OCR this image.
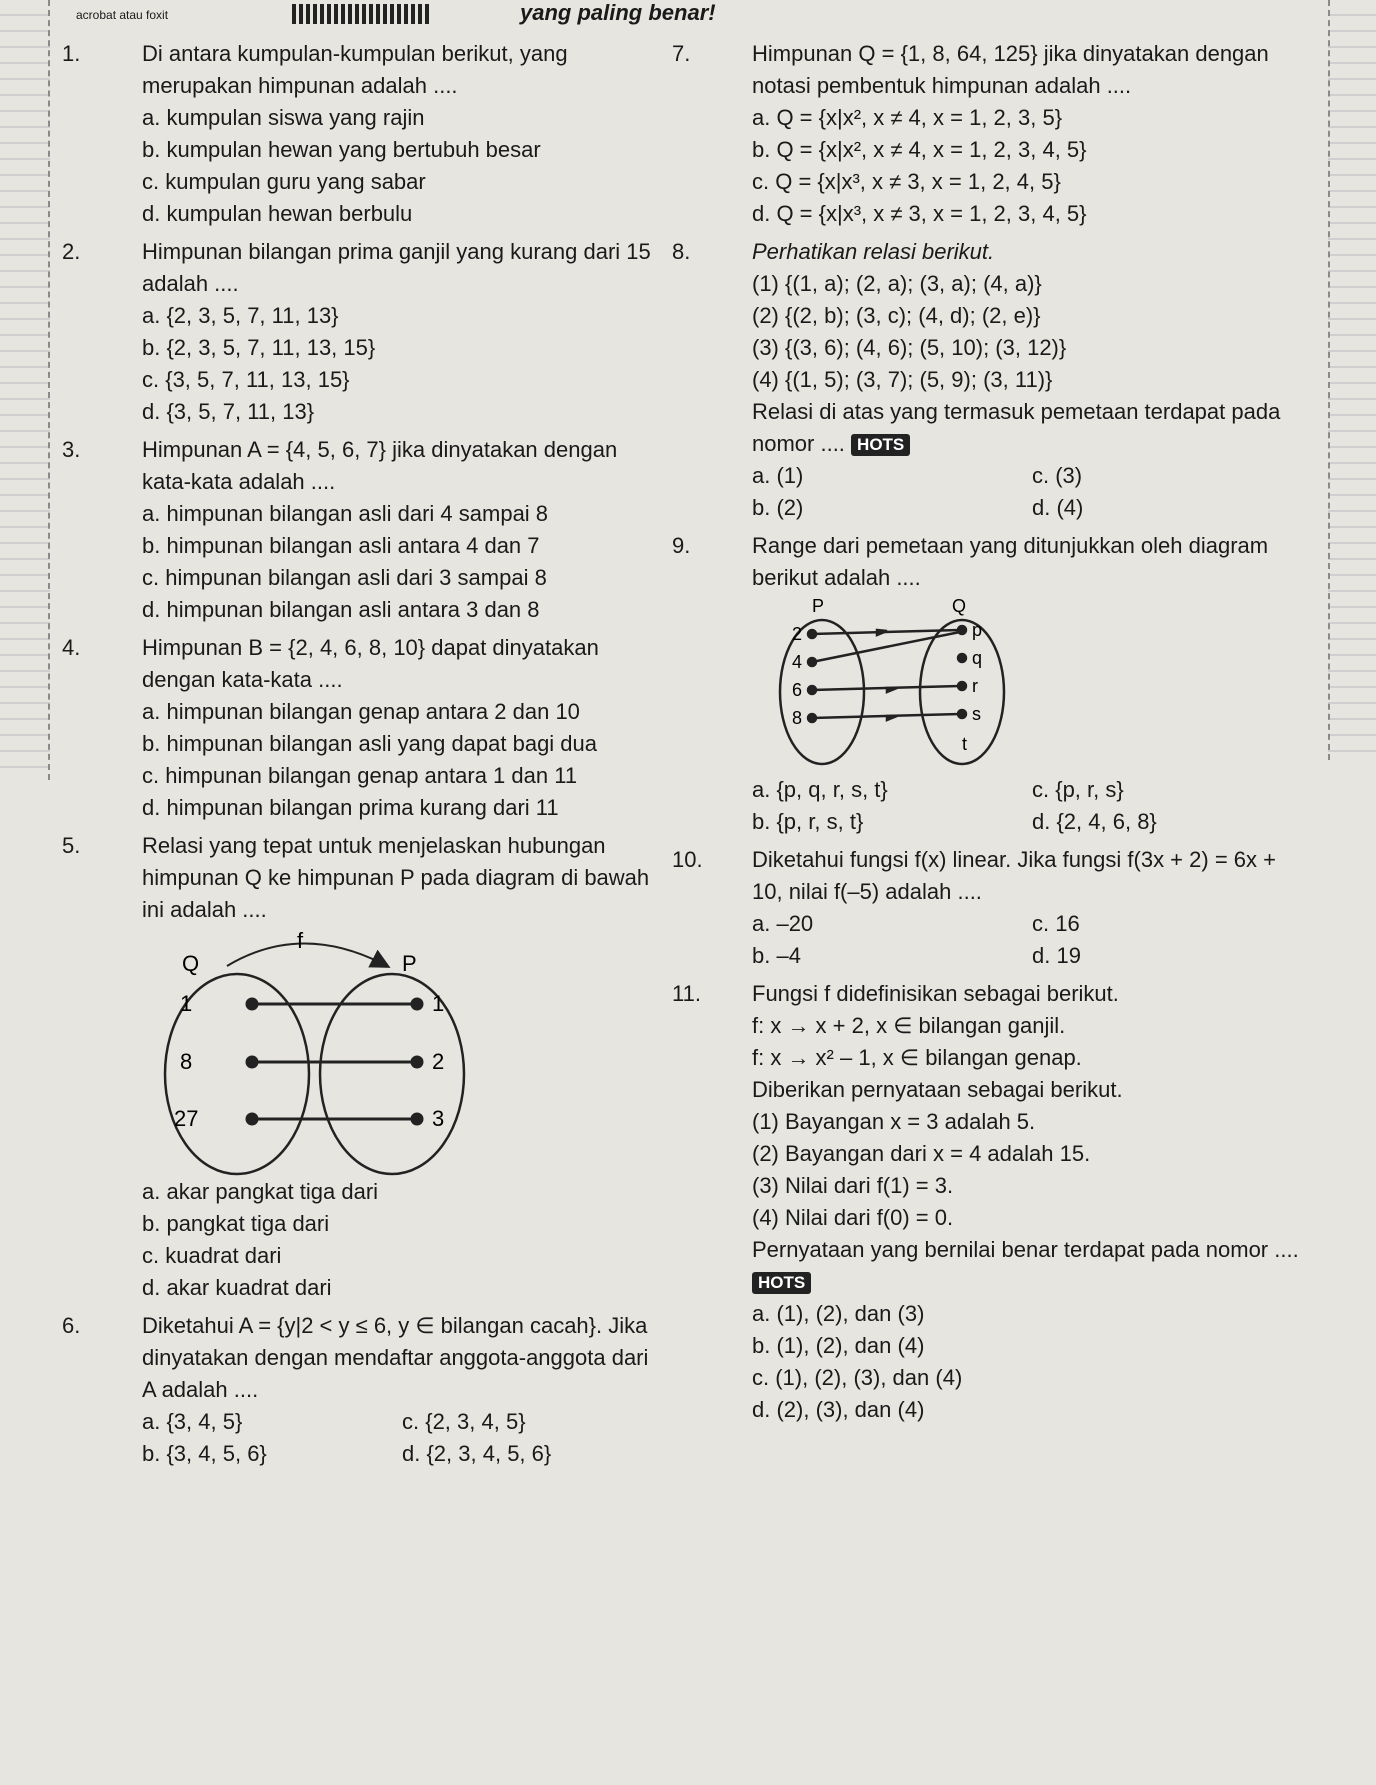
acrobat atau foxit	yang paling benar!
1.	Di antara kumpulan-kumpulan berikut, yang merupakan himpunan adalah ....
a. kumpulan siswa yang rajin
b. kumpulan hewan yang bertubuh besar
c. kumpulan guru yang sabar
d. kumpulan hewan berbulu
2.	Himpunan bilangan prima ganjil yang kurang dari 15 adalah ....
a. {2, 3, 5, 7, 11, 13}
b. {2, 3, 5, 7, 11, 13, 15}
c. {3, 5, 7, 11, 13, 15}
d. {3, 5, 7, 11, 13}
3.	Himpunan A = {4, 5, 6, 7} jika dinyatakan dengan kata-kata adalah ....
a. himpunan bilangan asli dari 4 sampai 8
b. himpunan bilangan asli antara 4 dan 7
c. himpunan bilangan asli dari 3 sampai 8
d. himpunan bilangan asli antara 3 dan 8
4.	Himpunan B = {2, 4, 6, 8, 10} dapat dinyatakan dengan kata-kata ....
a. himpunan bilangan genap antara 2 dan 10
b. himpunan bilangan asli yang dapat bagi dua
c. himpunan bilangan genap antara 1 dan 11
d. himpunan bilangan prima kurang dari 11
5.	Relasi yang tepat untuk menjelaskan hubungan himpunan Q ke himpunan P pada diagram di bawah ini adalah ....
f
Q	P
1
8
27
1
2
3
a. akar pangkat tiga dari
b. pangkat tiga dari
c. kuadrat dari
d. akar kuadrat dari
6.	Diketahui A = {y|2 < y ≤ 6, y ∈ bilangan cacah}. Jika dinyatakan dengan mendaftar anggota-anggota dari A adalah ....
a. {3, 4, 5}	c. {2, 3, 4, 5}
b. {3, 4, 5, 6}	d. {2, 3, 4, 5, 6}
7.	Himpunan Q = {1, 8, 64, 125} jika dinyatakan dengan notasi pembentuk himpunan adalah ....
a. Q = {x|x², x ≠ 4, x = 1, 2, 3, 5}
b. Q = {x|x², x ≠ 4, x = 1, 2, 3, 4, 5}
c. Q = {x|x³, x ≠ 3, x = 1, 2, 4, 5}
d. Q = {x|x³, x ≠ 3, x = 1, 2, 3, 4, 5}
8.	Perhatikan relasi berikut.
(1) {(1, a); (2, a); (3, a); (4, a)}
(2) {(2, b); (3, c); (4, d); (2, e)}
(3) {(3, 6); (4, 6); (5, 10); (3, 12)}
(4) {(1, 5); (3, 7); (5, 9); (3, 11)}
Relasi di atas yang termasuk pemetaan terdapat pada nomor .... HOTS
a. (1)	c. (3)
b. (2)	d. (4)
9.	Range dari pemetaan yang ditunjukkan oleh diagram berikut adalah ....
P	Q
2
4
6
8
p
q
r
s
t
a. {p, q, r, s, t}	c. {p, r, s}
b. {p, r, s, t}	d. {2, 4, 6, 8}
10.	Diketahui fungsi f(x) linear. Jika fungsi f(3x + 2) = 6x + 10, nilai f(–5) adalah ....
a. –20	c. 16
b. –4	d. 19
11.	Fungsi f didefinisikan sebagai berikut.
f: x → x + 2, x ∈ bilangan ganjil.
f: x → x² – 1, x ∈ bilangan genap.
Diberikan pernyataan sebagai berikut.
(1) Bayangan x = 3 adalah 5.
(2) Bayangan dari x = 4 adalah 15.
(3) Nilai dari f(1) = 3.
(4) Nilai dari f(0) = 0.
Pernyataan yang bernilai benar terdapat pada nomor .... HOTS
a. (1), (2), dan (3)
b. (1), (2), dan (4)
c. (1), (2), (3), dan (4)
d. (2), (3), dan (4)
